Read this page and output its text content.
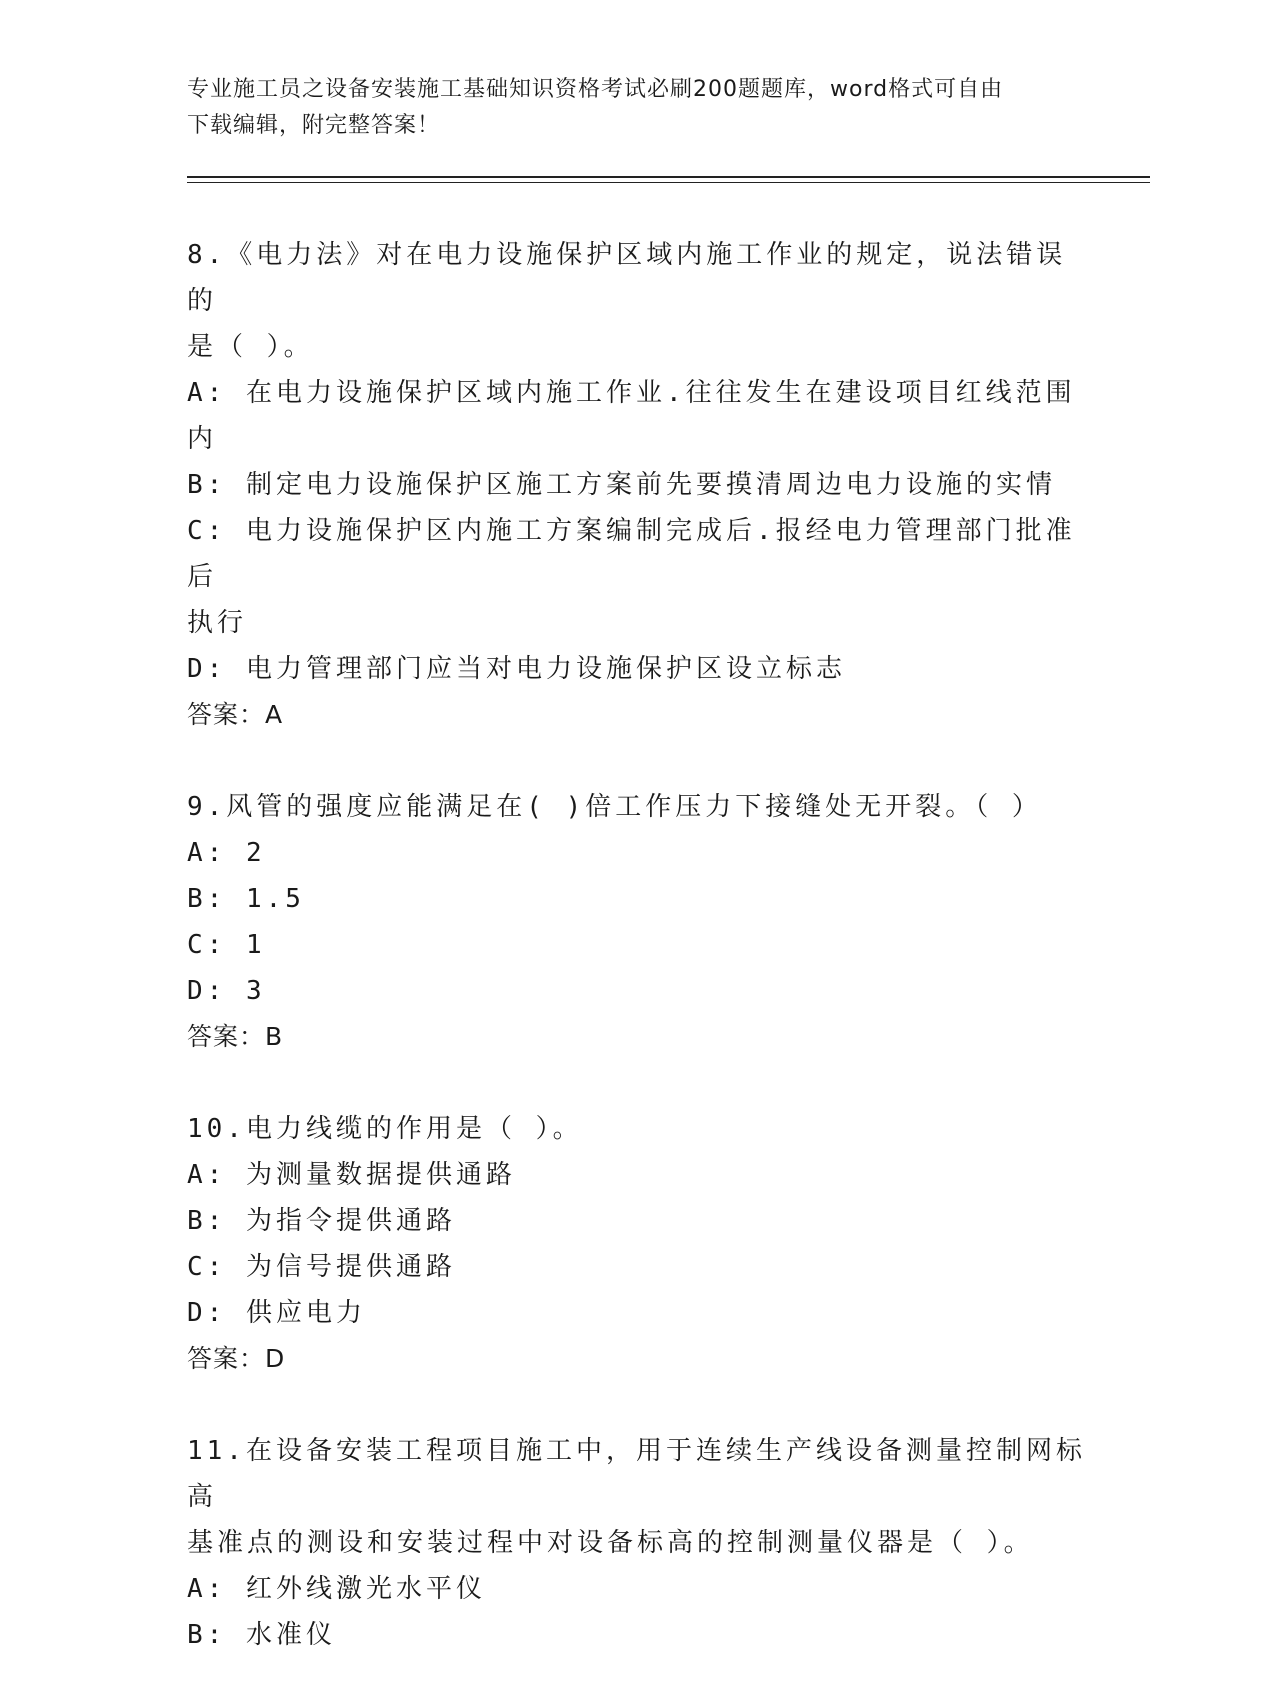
专业施工员之设备安装施工基础知识资格考试必刷200题题库，word格式可自由
下载编辑，附完整答案！

8.《电力法》对在电力设施保护区域内施工作业的规定，说法错误的

是（ ）。

A: 在电力设施保护区域内施工作业.往往发生在建设项目红线范围内

B: 制定电力设施保护区施工方案前先要摸清周边电力设施的实情

C: 电力设施保护区内施工方案编制完成后.报经电力管理部门批准后

执行

D: 电力管理部门应当对电力设施保护区设立标志

答案：A

9.风管的强度应能满足在( )倍工作压力下接缝处无开裂。（ ）

A: 2

B: 1.5

C: 1

D: 3

答案：B

10.电力线缆的作用是（ ）。

A: 为测量数据提供通路

B: 为指令提供通路

C: 为信号提供通路

D: 供应电力

答案：D

11.在设备安装工程项目施工中，用于连续生产线设备测量控制网标高

基准点的测设和安装过程中对设备标高的控制测量仪器是（ ）。

A: 红外线激光水平仪

B: 水准仪
